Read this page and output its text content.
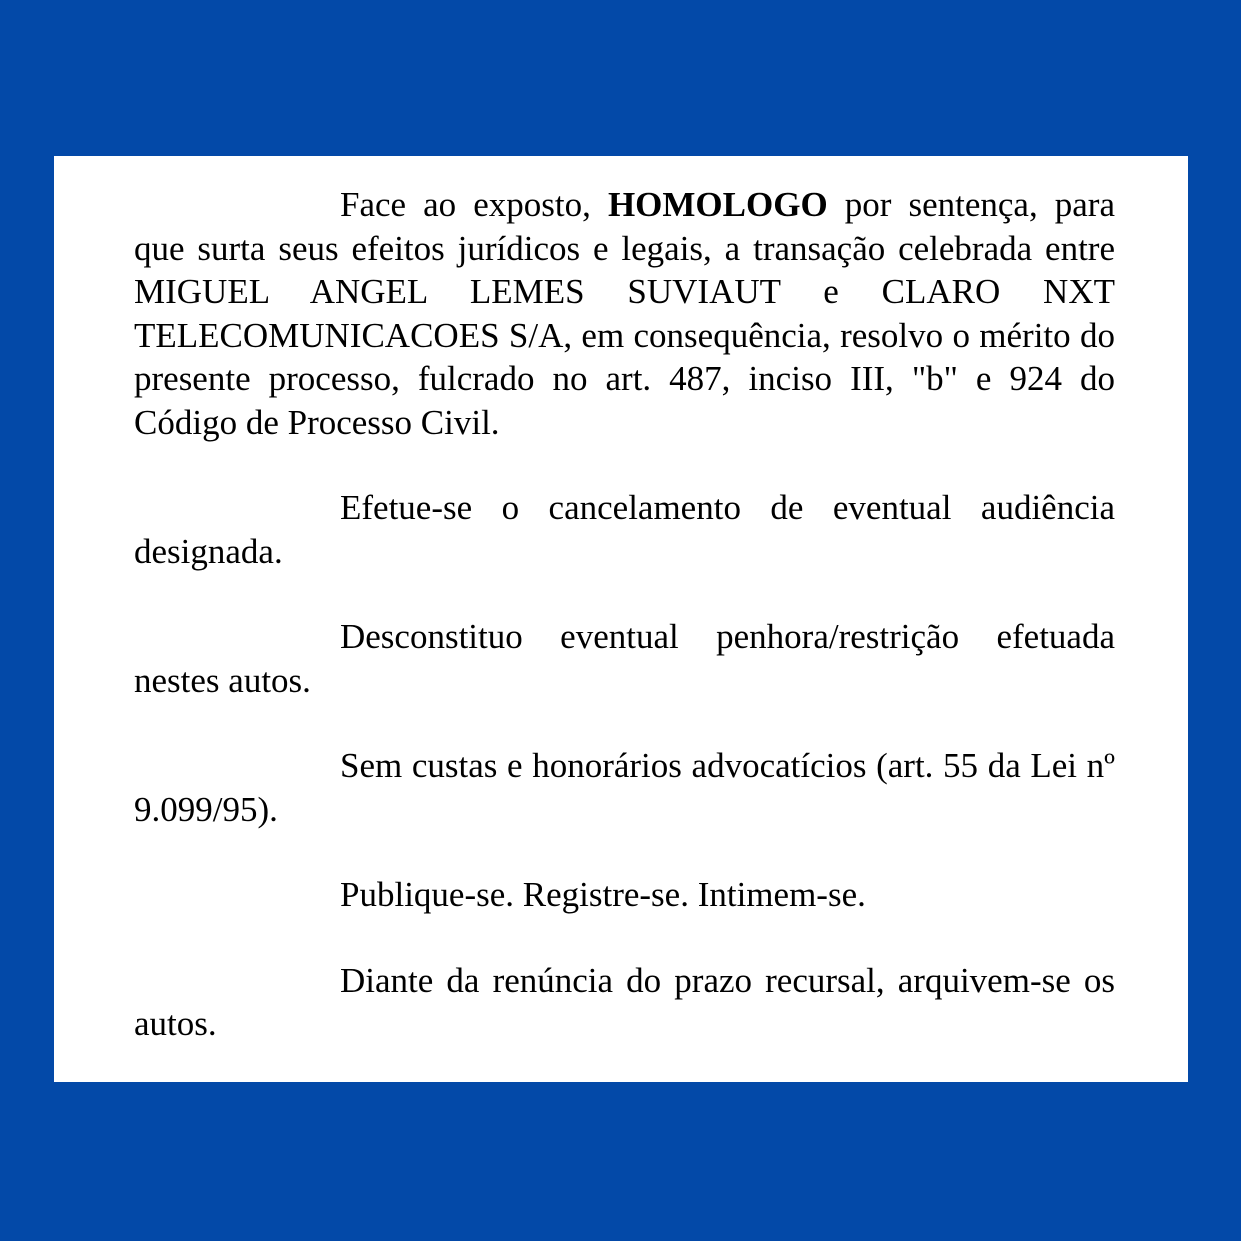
Face ao exposto, HOMOLOGO por sentença, para que surta seus efeitos jurídicos e legais, a transação celebrada entre MIGUEL ANGEL LEMES SUVIAUT e CLARO NXT TELECOMUNICACOES S/A, em consequência, resolvo o mérito do presente processo, fulcrado no art. 487, inciso III, "b" e 924 do Código de Processo Civil.

Efetue-se o cancelamento de eventual audiência designada.

Desconstituo eventual penhora/restrição efetuada nestes autos.

Sem custas e honorários advocatícios (art. 55 da Lei nº 9.099/95).

Publique-se. Registre-se. Intimem-se.

Diante da renúncia do prazo recursal, arquivem-se os autos.
